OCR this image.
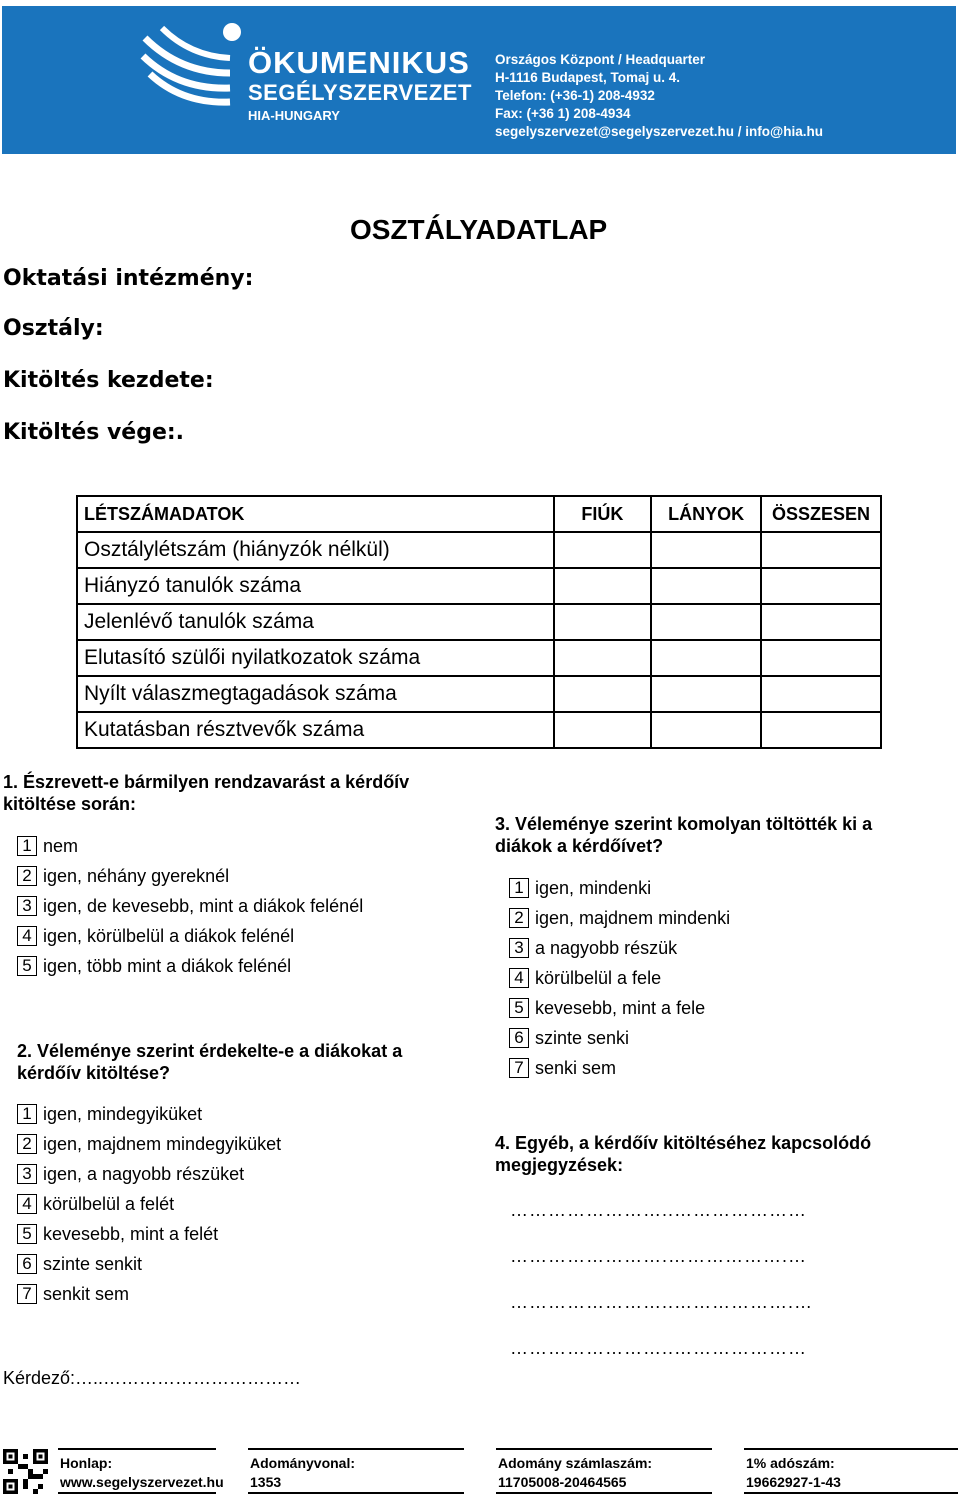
ÖKUMENIKUS
SEGÉLYSZERVEZET
HIA-HUNGARY
Országos Központ / Headquarter
H-1116 Budapest, Tomaj u. 4.
Telefon: (+36-1) 208-4932
Fax: (+36 1) 208-4934
segelyszervezet@segelyszervezet.hu / info@hia.hu
OSZTÁLYADATLAP
Oktatási intézmény:
Osztály:
Kitöltés kezdete:
Kitöltés vége:.
LÉTSZÁMADATOK	FIÚK	LÁNYOK	ÖSSZESEN
Osztálylétszám (hiányzók nélkül)			
Hiányzó tanulók száma			
Jelenlévő tanulók száma			
Elutasító szülői nyilatkozatok száma			
Nyílt válaszmegtagadások száma			
Kutatásban résztvevők száma			
1. Észrevett-e bármilyen rendzavarást a kérdőív kitöltése során:
1 nem
2 igen, néhány gyereknél
3 igen, de kevesebb, mint a diákok felénél
4 igen, körülbelül a diákok felénél
5 igen, több mint a diákok felénél
2. Véleménye szerint érdekelte-e a diákokat a kérdőív kitöltése?
1 igen, mindegyiküket
2 igen, majdnem mindegyiküket
3 igen, a nagyobb részüket
4 körülbelül a felét
5 kevesebb, mint a felét
6 szinte senkit
7 senkit sem
3. Véleménye szerint komolyan töltötték ki a diákok a kérdőívet?
1 igen, mindenki
2 igen, majdnem mindenki
3 a nagyobb részük
4 körülbelül a fele
5 kevesebb, mint a fele
6 szinte senki
7 senki sem
4. Egyéb, a kérdőív kitöltéséhez kapcsolódó megjegyzések:
……………………..…………………
…………………….……………….…
……………………..……………….…
……………………..…………………
Kérdező:…..……………………………
Honlap:
www.segelyszervezet.hu
Adományvonal:
1353
Adomány számlaszám:
11705008-20464565
1% adószám:
19662927-1-43
